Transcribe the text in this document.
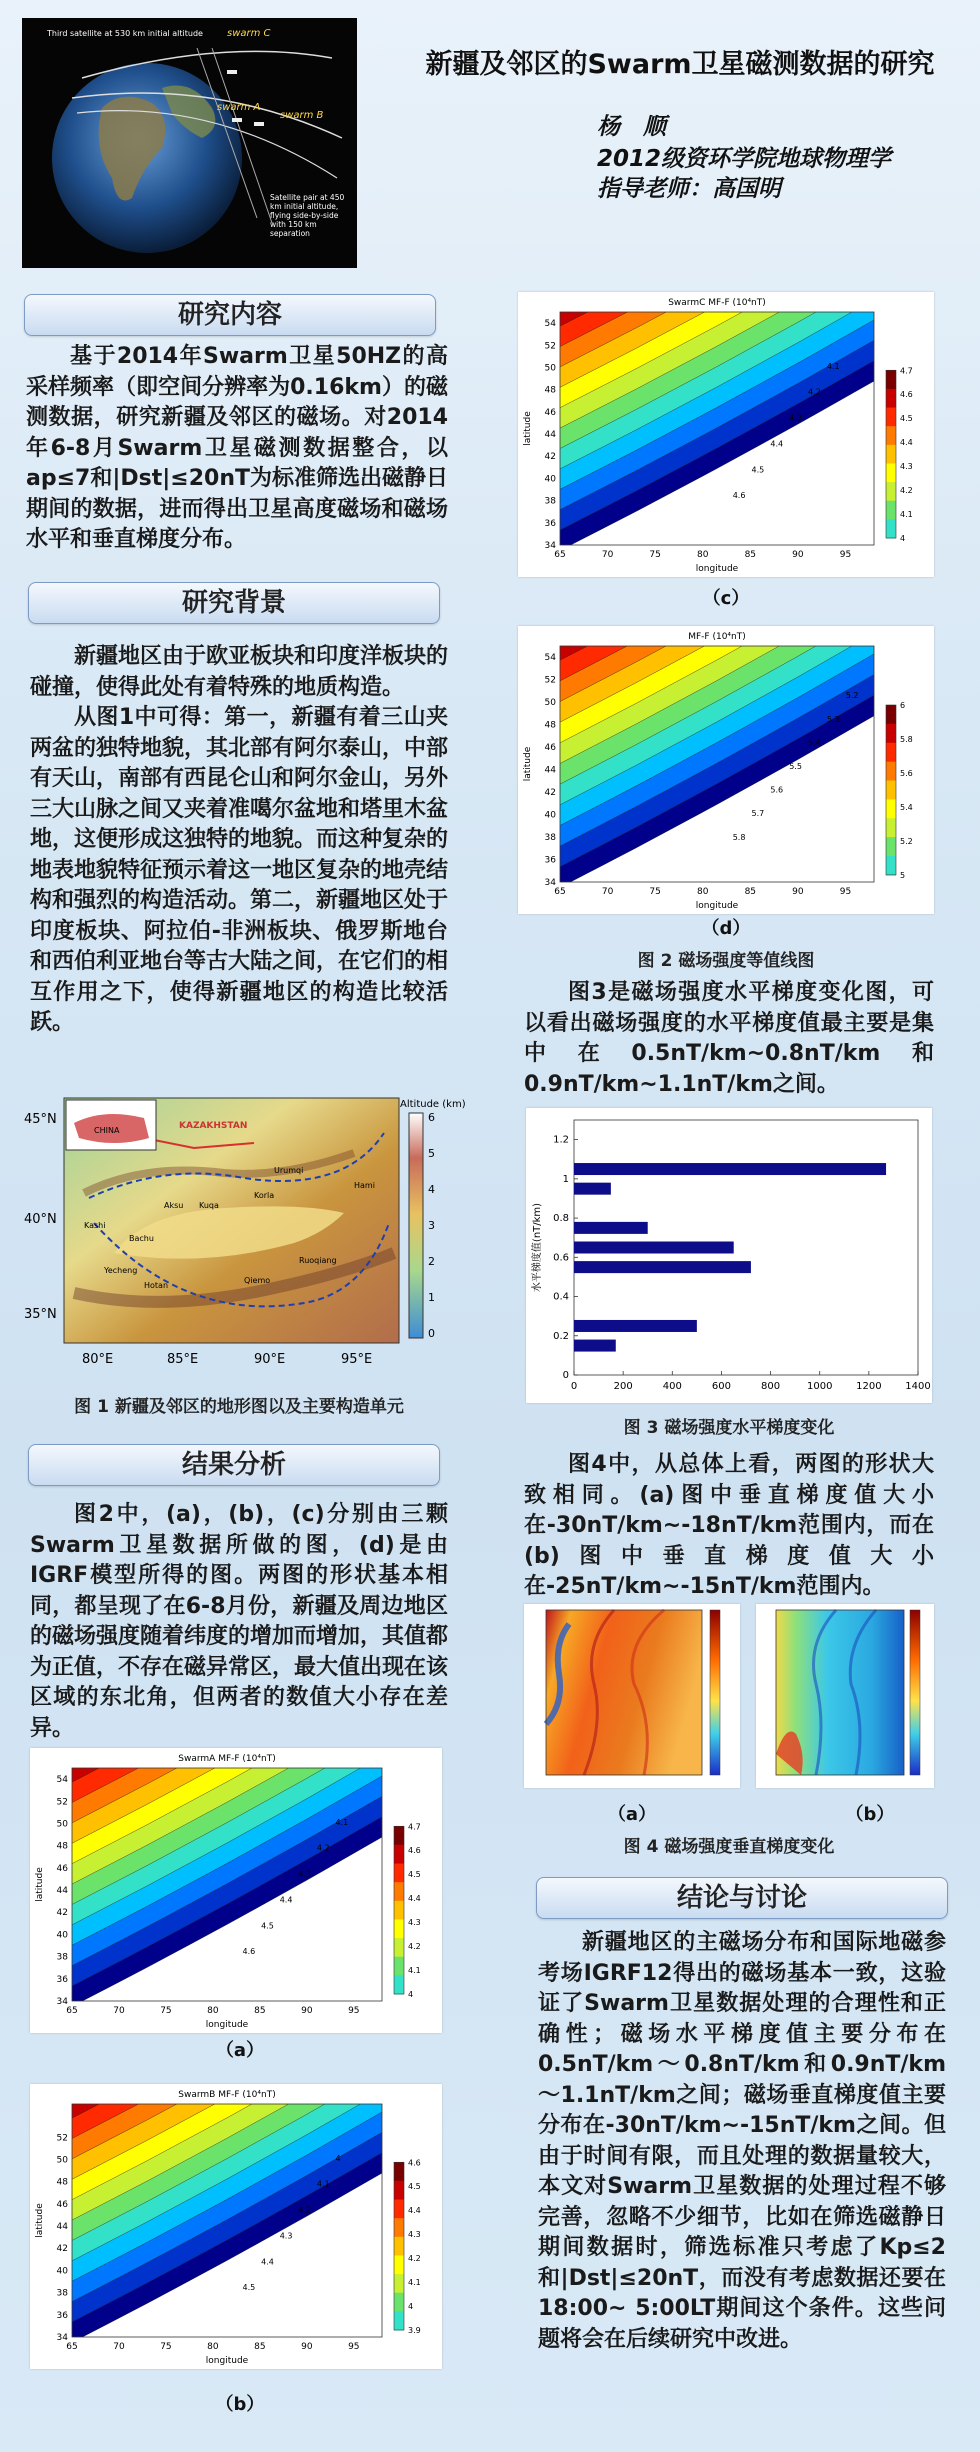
Third satellite at 530 km initial altitude swarm C
swarm A
swarm B
Satellite pair at 450 km initial altitude, flying side-by-side with 150 km separation
新疆及邻区的Swarm卫星磁测数据的研究
杨　顺
2012级资环学院地球物理学
指导老师：高国明
研究内容

基于2014年Swarm卫星50HZ的高采样频率（即空间分辨率为0.16km）的磁测数据，研究新疆及邻区的磁场。对2014年6-8月Swarm卫星磁测数据整合，以ap≤7和|Dst|≤20nT为标准筛选出磁静日期间的数据，进而得出卫星高度磁场和磁场水平和垂直梯度分布。

研究背景

新疆地区由于欧亚板块和印度洋板块的碰撞，使得此处有着特殊的地质构造。

从图1中可得：第一，新疆有着三山夹两盆的独特地貌，其北部有阿尔泰山，中部有天山，南部有西昆仑山和阿尔金山，另外三大山脉之间又夹着准噶尔盆地和塔里木盆地，这便形成这独特的地貌。而这种复杂的地表地貌特征预示着这一地区复杂的地壳结构和强烈的构造活动。第二，新疆地区处于印度板块、阿拉伯-非洲板块、俄罗斯地台和西伯利亚地台等古大陆之间，在它们的相互作用之下，使得新疆地区的构造比较活跃。

CHINA	KAZAKHSTAN
Urumqi
Korla
Aksu Kuqa
Hami
Hotan
Yecheng
Qiemo
Ruoqiang
Bachu
Kashi
45°N
40°N
35°N
80°E	85°E	90°E	95°E
Altitude (km)
6
5
4
3
2
1
0
图 1 新疆及邻区的地形图以及主要构造单元
结果分析

图2中，(a)，(b)，(c)分别由三颗Swarm卫星数据所做的图，(d)是由IGRF模型所得的图。两图的形状基本相同，都呈现了在6-8月份，新疆及周边地区的磁场强度随着纬度的增加而增加，其值都为正值，不存在磁异常区，最大值出现在该区域的东北角，但两者的数值大小存在差异。

SwarmA MF-F (10⁴nT)
4.6
4.5
4.4
4.3
4.2
4.1
65	70	75	80	85	90	95
34
36
38
40
42
44
46
48
50
52
54
longitude
latitude
4.7
4.6
4.5
4.4
4.3
4.2
4.1
4
（a）
SwarmB MF-F (10⁴nT)
4.5
4.4
4.3
4.2
4.1
4
65	70	75	80	85	90	95
34
36
38
40
42
44
46
48
50
52
longitude
latitude
4.6
4.5
4.4
4.3
4.2
4.1
4
3.9
（b）
SwarmC MF-F (10⁴nT)
4.6
4.5
4.4
4.3
4.2
4.1
65	70	75	80	85	90	95
34
36
38
40
42
44
46
48
50
52
54
longitude
latitude
4.7
4.6
4.5
4.4
4.3
4.2
4.1
4
（c）
MF-F (10⁴nT)
5.8
5.7
5.6
5.5
5.4
5.3
5.2
65	70	75	80	85	90	95
34
36
38
40
42
44
46
48
50
52
54
longitude
latitude
6
5.8
5.6
5.4
5.2
5
（d）
图 2 磁场强度等值线图

图3是磁场强度水平梯度变化图，可以看出磁场强度的水平梯度值最主要是集中在0.5nT/km~0.8nT/km和0.9nT/km~1.1nT/km之间。

0	200	400	600	800	1000 1200 1400
0
0.2
0.4
0.6
0.8
1
1.2
水平梯度值(nT/km)
图 3 磁场强度水平梯度变化

图4中，从总体上看，两图的形状大致相同。(a)图中垂直梯度值大小在-30nT/km~-18nT/km范围内，而在(b)图中垂直梯度值大小在-25nT/km~-15nT/km范围内。

（a）	（b）
图 4 磁场强度垂直梯度变化
结论与讨论

新疆地区的主磁场分布和国际地磁参考场IGRF12得出的磁场基本一致，这验证了Swarm卫星数据处理的合理性和正确性；磁场水平梯度值主要分布在0.5nT/km～0.8nT/km和0.9nT/km～1.1nT/km之间；磁场垂直梯度值主要分布在-30nT/km~-15nT/km之间。但由于时间有限，而且处理的数据量较大，本文对Swarm卫星数据的处理过程不够完善，忽略不少细节，比如在筛选磁静日期间数据时，筛选标准只考虑了Kp≤2和|Dst|≤20nT，而没有考虑数据还要在18:00~ 5:00LT期间这个条件。这些问题将会在后续研究中改进。
